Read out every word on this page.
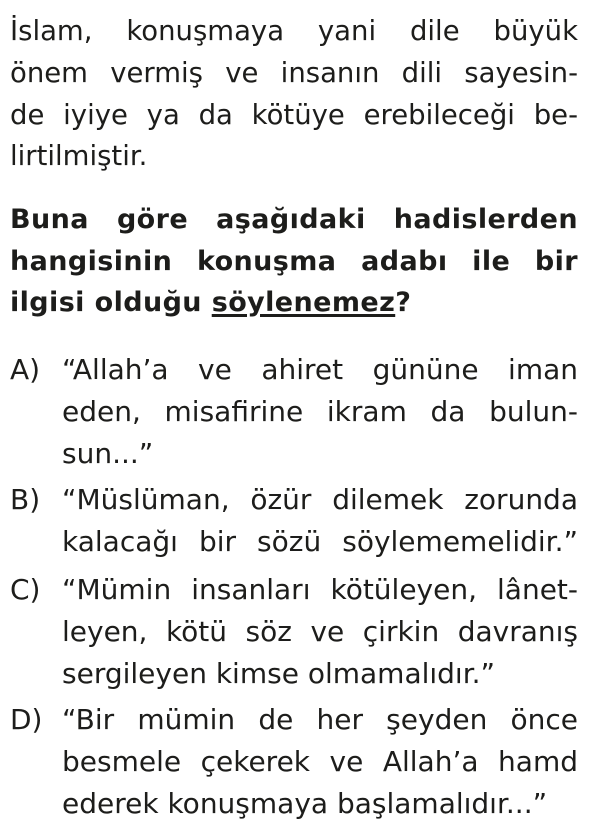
İslam, konuşmaya yani dile büyük
önem vermiş ve insanın dili sayesin-
de iyiye ya da kötüye erebileceği be-
lirtilmiştir.
Buna göre aşağıdaki hadislerden
hangisinin konuşma adabı ile bir
ilgisi olduğu söylenemez?
A) “Allah’a ve ahiret gününe iman
eden, misafirine ikram da bulun-
sun...”
B) “Müslüman, özür dilemek zorunda
kalacağı bir sözü söylememelidir.”
C) “Mümin insanları kötüleyen, lânet-
leyen, kötü söz ve çirkin davranış
sergileyen kimse olmamalıdır.”
D) “Bir mümin de her şeyden önce
besmele çekerek ve Allah’a hamd
ederek konuşmaya başlamalıdır...”
